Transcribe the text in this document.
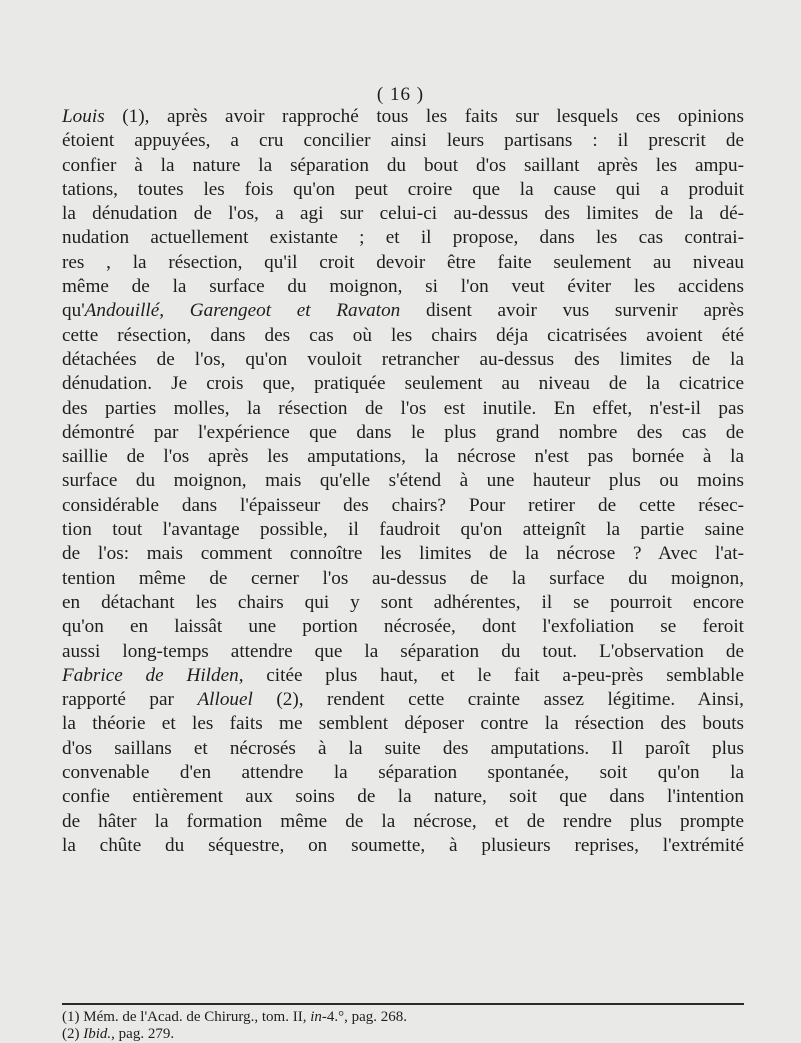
( 16 )
Louis (1), après avoir rapproché tous les faits sur lesquels ces opinions
étoient appuyées, a cru concilier ainsi leurs partisans : il prescrit de
confier à la nature la séparation du bout d'os saillant après les ampu-
tations, toutes les fois qu'on peut croire que la cause qui a produit
la dénudation de l'os, a agi sur celui-ci au-dessus des limites de la dé-
nudation actuellement existante ; et il propose, dans les cas contrai-
res , la résection, qu'il croit devoir être faite seulement au niveau
même de la surface du moignon, si l'on veut éviter les accidens
qu'Andouillé, Garengeot et Ravaton disent avoir vus survenir après
cette résection, dans des cas où les chairs déja cicatrisées avoient été
détachées de l'os, qu'on vouloit retrancher au-dessus des limites de la
dénudation. Je crois que, pratiquée seulement au niveau de la cicatrice
des parties molles, la résection de l'os est inutile. En effet, n'est-il pas
démontré par l'expérience que dans le plus grand nombre des cas de
saillie de l'os après les amputations, la nécrose n'est pas bornée à la
surface du moignon, mais qu'elle s'étend à une hauteur plus ou moins
considérable dans l'épaisseur des chairs? Pour retirer de cette résec-
tion tout l'avantage possible, il faudroit qu'on atteignît la partie saine
de l'os: mais comment connoître les limites de la nécrose ? Avec l'at-
tention même de cerner l'os au-dessus de la surface du moignon,
en détachant les chairs qui y sont adhérentes, il se pourroit encore
qu'on en laissât une portion nécrosée, dont l'exfoliation se feroit
aussi long-temps attendre que la séparation du tout. L'observation de
Fabrice de Hilden, citée plus haut, et le fait a-peu-près semblable
rapporté par Allouel (2), rendent cette crainte assez légitime. Ainsi,
la théorie et les faits me semblent déposer contre la résection des bouts
d'os saillans et nécrosés à la suite des amputations. Il paroît plus
convenable d'en attendre la séparation spontanée, soit qu'on la
confie entièrement aux soins de la nature, soit que dans l'intention
de hâter la formation même de la nécrose, et de rendre plus prompte
la chûte du séquestre, on soumette, à plusieurs reprises, l'extrémité
(1) Mém. de l'Acad. de Chirurg., tom. II, in-4.°, pag. 268.
(2) Ibid., pag. 279.
